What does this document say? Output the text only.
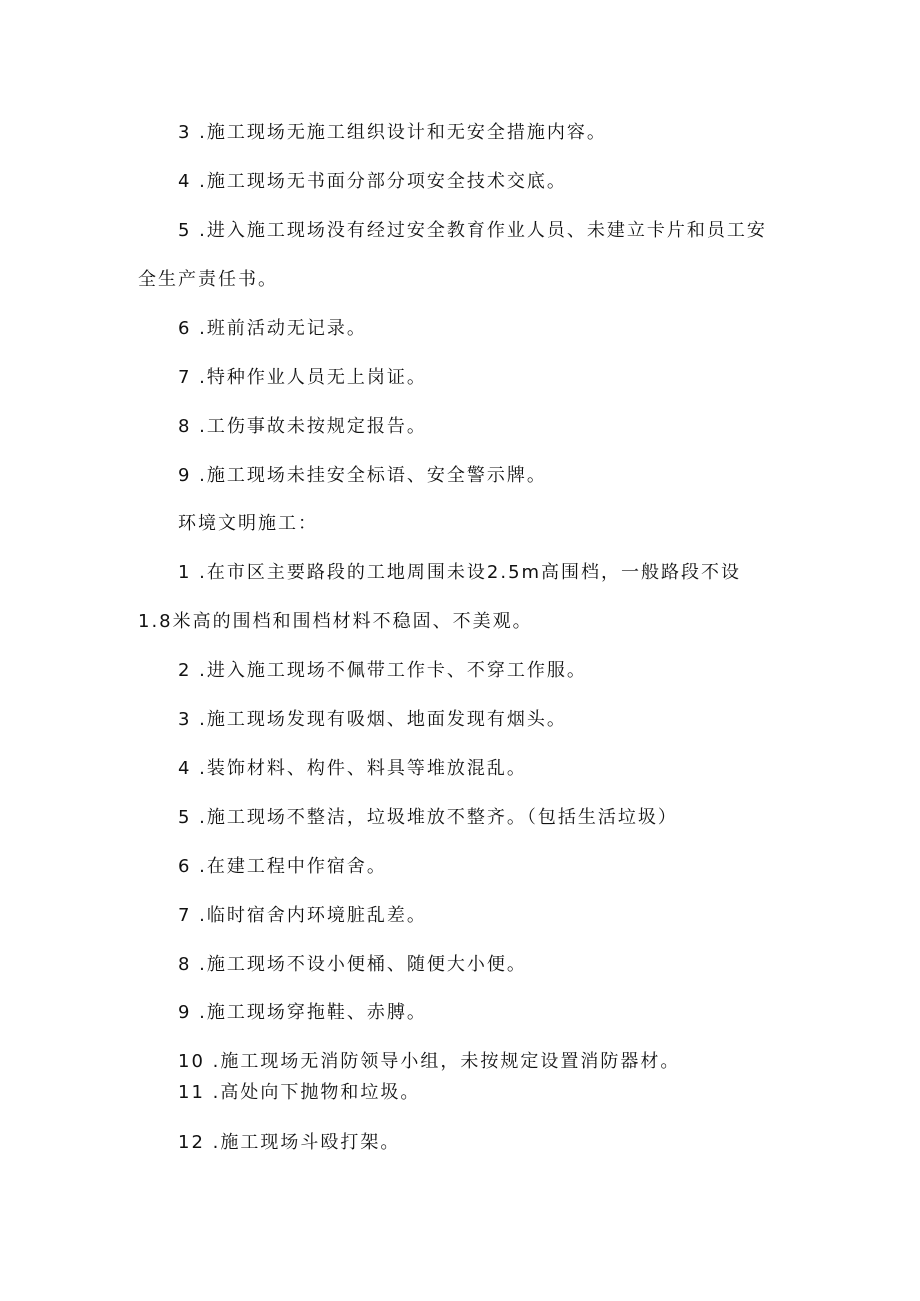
3 .施工现场无施工组织设计和无安全措施内容。
4 .施工现场无书面分部分项安全技术交底。
5 .进入施工现场没有经过安全教育作业人员、未建立卡片和员工安
全生产责任书。
6 .班前活动无记录。
7 .特种作业人员无上岗证。
8 .工伤事故未按规定报告。
9 .施工现场未挂安全标语、安全警示牌。
环境文明施工：
1 .在市区主要路段的工地周围未设2.5m高围档，一般路段不设
1.8米高的围档和围档材料不稳固、不美观。
2 .进入施工现场不佩带工作卡、不穿工作服。
3 .施工现场发现有吸烟、地面发现有烟头。
4 .装饰材料、构件、料具等堆放混乱。
5 .施工现场不整洁，垃圾堆放不整齐。（包括生活垃圾）
6 .在建工程中作宿舍。
7 .临时宿舍内环境脏乱差。
8 .施工现场不设小便桶、随便大小便。
9 .施工现场穿拖鞋、赤膊。
10 .施工现场无消防领导小组，未按规定设置消防器材。
11 .高处向下抛物和垃圾。
12 .施工现场斗殴打架。
